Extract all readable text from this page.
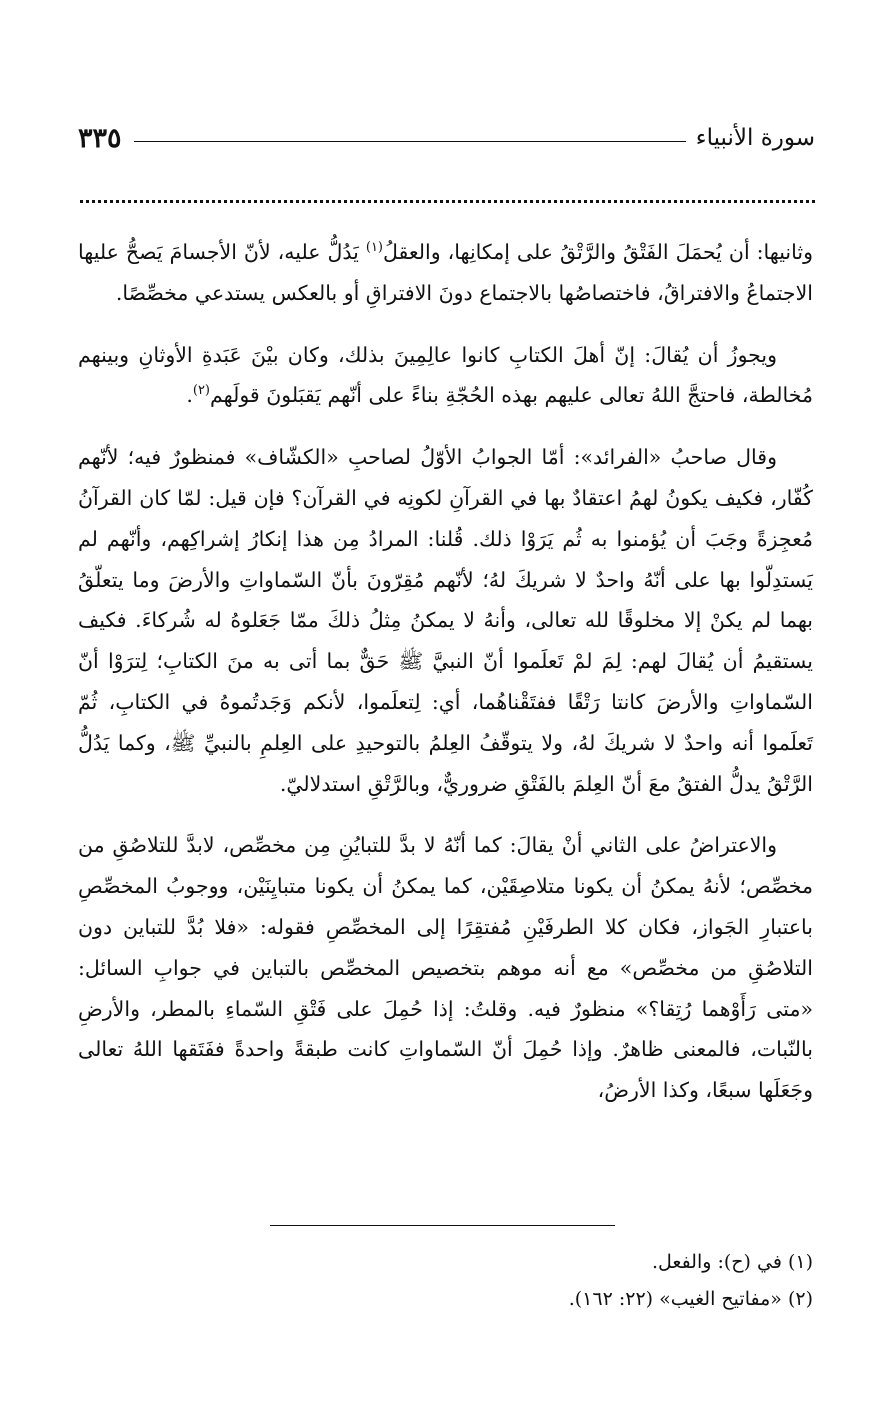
سورة الأنبياء
٣٣٥

وثانيها: أن يُحمَلَ الفَتْقُ والرَّتْقُ على إمكانِها، والعقلُ$^{(١)}$ يَدُلُّ عليه، لأنّ الأجسامَ يَصحُّ عليها الاجتماعُ والافتراقُ، فاختصاصُها بالاجتماع دونَ الافتراقِ أو بالعكس يستدعي مخصِّصًا.

ويجوزُ أن يُقالَ: إنّ أهلَ الكتابِ كانوا عالِمِينَ بذلك، وكان بيْنَ عَبَدةِ الأوثانِ وبينهم مُخالطة، فاحتجَّ اللهُ تعالى عليهم بهذه الحُجّةِ بناءً على أنّهم يَقبَلونَ قولَهم$^{(٢)}$.

وقال صاحبُ «الفرائد»: أمّا الجوابُ الأوّلُ لصاحبِ «الكشّاف» فمنظورٌ فيه؛ لأنّهم كُفّار، فكيف يكونُ لهمُ اعتقادٌ بها في القرآنِ لكونِه في القرآن؟ فإن قيل: لمّا كان القرآنُ مُعجِزةً وجَبَ أن يُؤمنوا به ثُم يَرَوْا ذلك. قُلنا: المرادُ مِن هذا إنكارُ إشراكِهم، وأنّهم لم يَستدِلّوا بها على أنّهُ واحدٌ لا شريكَ لهُ؛ لأنّهم مُقِرّونَ بأنّ السّماواتِ والأرضَ وما يتعلّقُ بهما لم يكنْ إلا مخلوقًا لله تعالى، وأنهُ لا يمكنُ مِثلُ ذلكَ ممّا جَعَلوهُ له شُركاءَ. فكيف يستقيمُ أن يُقالَ لهم: لِمَ لمْ تَعلَموا أنّ النبيَّ ﷺ حَقٌّ بما أتى به منَ الكتابِ؛ لِترَوْا أنّ السّماواتِ والأرضَ كانتا رَتْقًا ففتَقْناهُما، أي: لِتعلَموا، لأنكم وَجَدتُموهُ في الكتابِ، ثُمّ تَعلَموا أنه واحدٌ لا شريكَ لهُ، ولا يتوقّفُ العِلمُ بالتوحيدِ على العِلمِ بالنبيِّ ﷺ، وكما يَدُلُّ الرَّتْقُ يدلُّ الفتقُ معَ أنّ العِلمَ بالفَتْقِ ضروريٌّ، وبالرَّتْقِ استدلاليّ.

والاعتراضُ على الثاني أنْ يقالَ: كما أنّهُ لا بدَّ للتبايُنِ مِن مخصِّص، لابدَّ للتلاصُقِ من مخصِّص؛ لأنهُ يمكنُ أن يكونا متلاصِقَيْن، كما يمكنُ أن يكونا متبايِنَيْن، ووجوبُ المخصِّصِ باعتبارِ الجَواز، فكان كلا الطرفَيْنِ مُفتقِرًا إلى المخصِّصِ فقوله: «فلا بُدَّ للتباين دون التلاصُقِ من مخصِّص» مع أنه موهم بتخصيص المخصِّص بالتباين في جوابِ السائل: «متى رَأَوْهما رُتِقا؟» منظورٌ فيه. وقلتُ: إذا حُمِلَ على فَتْقِ السّماءِ بالمطر، والأرضِ بالنّبات، فالمعنى ظاهرٌ. وإذا حُمِلَ أنّ السّماواتِ كانت طبقةً واحدةً ففَتَقها اللهُ تعالى وجَعَلَها سبعًا، وكذا الأرضُ،

(١) في (ح): والفعل.
(٢) «مفاتيح الغيب» (٢٢: ١٦٢).
